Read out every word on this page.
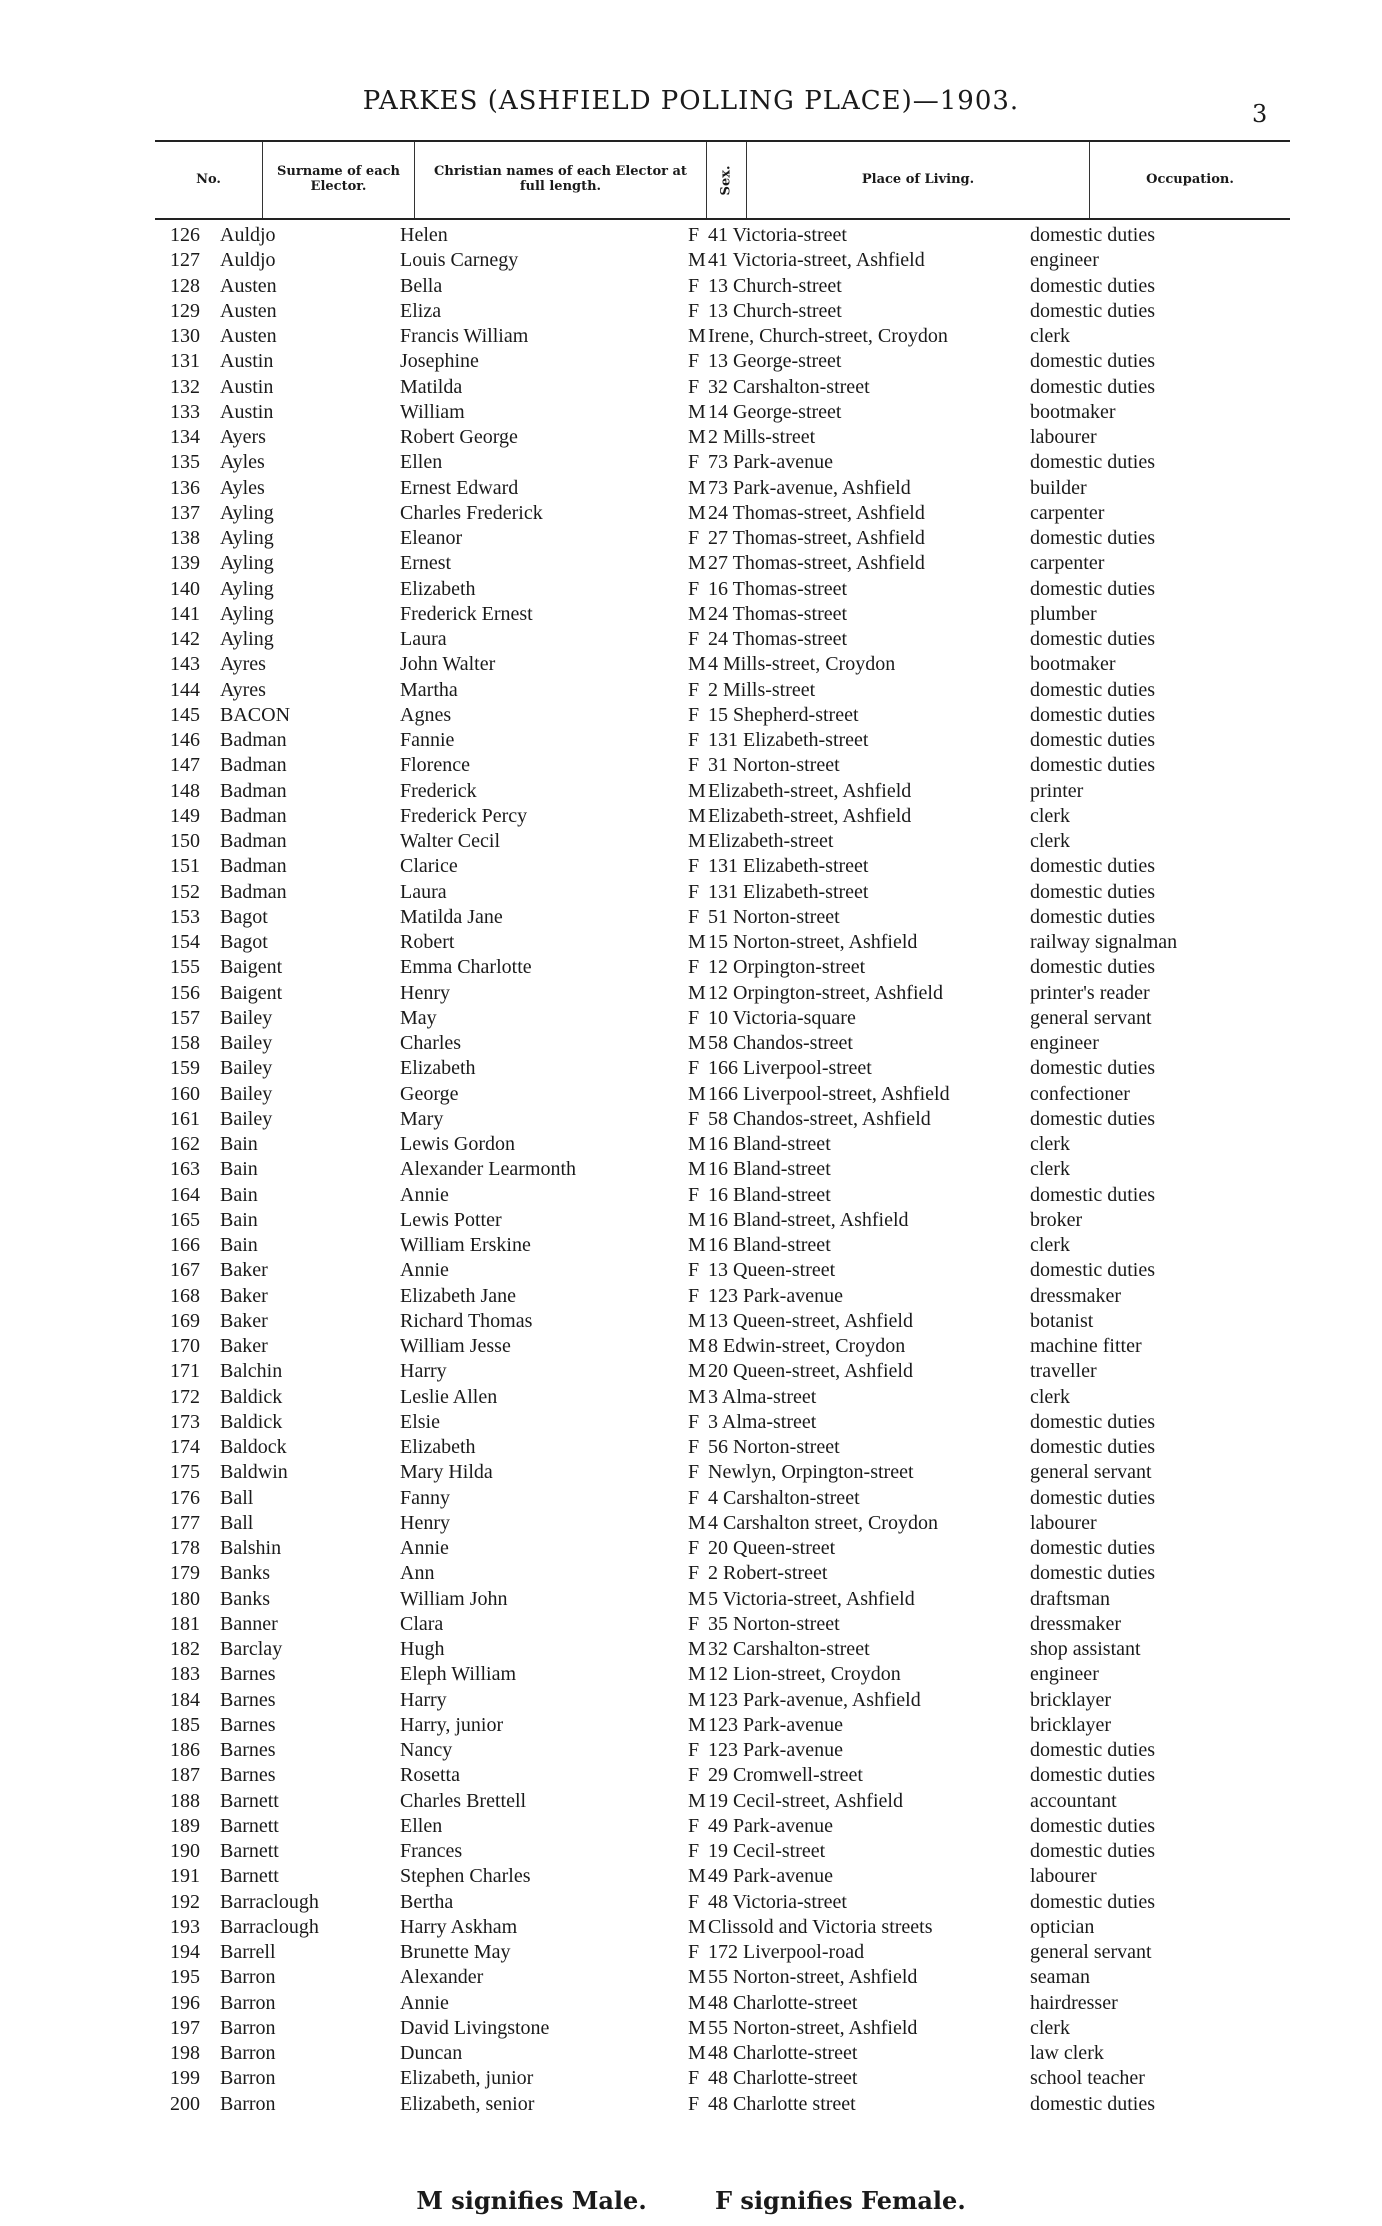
PARKES (ASHFIELD POLLING PLACE)—1903.	3
No.	Surname of each Elector.
Christian names of each Elector at full length.	Sex.	Place of Living.	Occupation.
126 Auldjo	Helen	F 41 Victoria-street	domestic duties
127 Auldjo	Louis Carnegy	M 41 Victoria-street, Ashfield	engineer
128 Austen	Bella	F 13 Church-street	domestic duties
129 Austen	Eliza	F 13 Church-street	domestic duties
130 Austen	Francis William	M Irene, Church-street, Croydon	clerk
131 Austin	Josephine	F 13 George-street	domestic duties
132 Austin	Matilda	F 32 Carshalton-street	domestic duties
133 Austin	William	M 14 George-street	bootmaker
134 Ayers	Robert George	M 2 Mills-street	labourer
135 Ayles	Ellen	F 73 Park-avenue	domestic duties
136 Ayles	Ernest Edward	M 73 Park-avenue, Ashfield	builder
137 Ayling	Charles Frederick	M 24 Thomas-street, Ashfield	carpenter
138 Ayling	Eleanor	F 27 Thomas-street, Ashfield	domestic duties
139 Ayling	Ernest	M 27 Thomas-street, Ashfield	carpenter
140 Ayling	Elizabeth	F 16 Thomas-street	domestic duties
141 Ayling	Frederick Ernest	M 24 Thomas-street	plumber
142 Ayling	Laura	F 24 Thomas-street	domestic duties
143 Ayres	John Walter	M 4 Mills-street, Croydon	bootmaker
144 Ayres	Martha	F 2 Mills-street	domestic duties
145 BACON	Agnes	F 15 Shepherd-street	domestic duties
146 Badman	Fannie	F 131 Elizabeth-street	domestic duties
147 Badman	Florence	F 31 Norton-street	domestic duties
148 Badman	Frederick	M Elizabeth-street, Ashfield	printer
149 Badman	Frederick Percy	M Elizabeth-street, Ashfield	clerk
150 Badman	Walter Cecil	M Elizabeth-street	clerk
151 Badman	Clarice	F 131 Elizabeth-street	domestic duties
152 Badman	Laura	F 131 Elizabeth-street	domestic duties
153 Bagot	Matilda Jane	F 51 Norton-street	domestic duties
154 Bagot	Robert	M 15 Norton-street, Ashfield	railway signalman
155 Baigent	Emma Charlotte	F 12 Orpington-street	domestic duties
156 Baigent	Henry	M 12 Orpington-street, Ashfield	printer's reader
157 Bailey	May	F 10 Victoria-square	general servant
158 Bailey	Charles	M 58 Chandos-street	engineer
159 Bailey	Elizabeth	F 166 Liverpool-street	domestic duties
160 Bailey	George	M 166 Liverpool-street, Ashfield	confectioner
161 Bailey	Mary	F 58 Chandos-street, Ashfield	domestic duties
162 Bain	Lewis Gordon	M 16 Bland-street	clerk
163 Bain	Alexander Learmonth	M 16 Bland-street	clerk
164 Bain	Annie	F 16 Bland-street	domestic duties
165 Bain	Lewis Potter	M 16 Bland-street, Ashfield	broker
166 Bain	William Erskine	M 16 Bland-street	clerk
167 Baker	Annie	F 13 Queen-street	domestic duties
168 Baker	Elizabeth Jane	F 123 Park-avenue	dressmaker
169 Baker	Richard Thomas	M 13 Queen-street, Ashfield	botanist
170 Baker	William Jesse	M 8 Edwin-street, Croydon	machine fitter
171 Balchin	Harry	M 20 Queen-street, Ashfield	traveller
172 Baldick	Leslie Allen	M 3 Alma-street	clerk
173 Baldick	Elsie	F 3 Alma-street	domestic duties
174 Baldock	Elizabeth	F 56 Norton-street	domestic duties
175 Baldwin	Mary Hilda	F Newlyn, Orpington-street	general servant
176 Ball	Fanny	F 4 Carshalton-street	domestic duties
177 Ball	Henry	M 4 Carshalton street, Croydon	labourer
178 Balshin	Annie	F 20 Queen-street	domestic duties
179 Banks	Ann	F 2 Robert-street	domestic duties
180 Banks	William John	M 5 Victoria-street, Ashfield	draftsman
181 Banner	Clara	F 35 Norton-street	dressmaker
182 Barclay	Hugh	M 32 Carshalton-street	shop assistant
183 Barnes	Eleph William	M 12 Lion-street, Croydon	engineer
184 Barnes	Harry	M 123 Park-avenue, Ashfield	bricklayer
185 Barnes	Harry, junior	M 123 Park-avenue	bricklayer
186 Barnes	Nancy	F 123 Park-avenue	domestic duties
187 Barnes	Rosetta	F 29 Cromwell-street	domestic duties
188 Barnett	Charles Brettell	M 19 Cecil-street, Ashfield	accountant
189 Barnett	Ellen	F 49 Park-avenue	domestic duties
190 Barnett	Frances	F 19 Cecil-street	domestic duties
191 Barnett	Stephen Charles	M 49 Park-avenue	labourer
192 Barraclough	Bertha	F 48 Victoria-street	domestic duties
193 Barraclough	Harry Askham	M Clissold and Victoria streets	optician
194 Barrell	Brunette May	F 172 Liverpool-road	general servant
195 Barron	Alexander	M 55 Norton-street, Ashfield	seaman
196 Barron	Annie	M 48 Charlotte-street	hairdresser
197 Barron	David Livingstone	M 55 Norton-street, Ashfield	clerk
198 Barron	Duncan	M 48 Charlotte-street	law clerk
199 Barron	Elizabeth, junior	F 48 Charlotte-street	school teacher
200 Barron	Elizabeth, senior	F 48 Charlotte street	domestic duties
M signifies Male.	F signifies Female.
